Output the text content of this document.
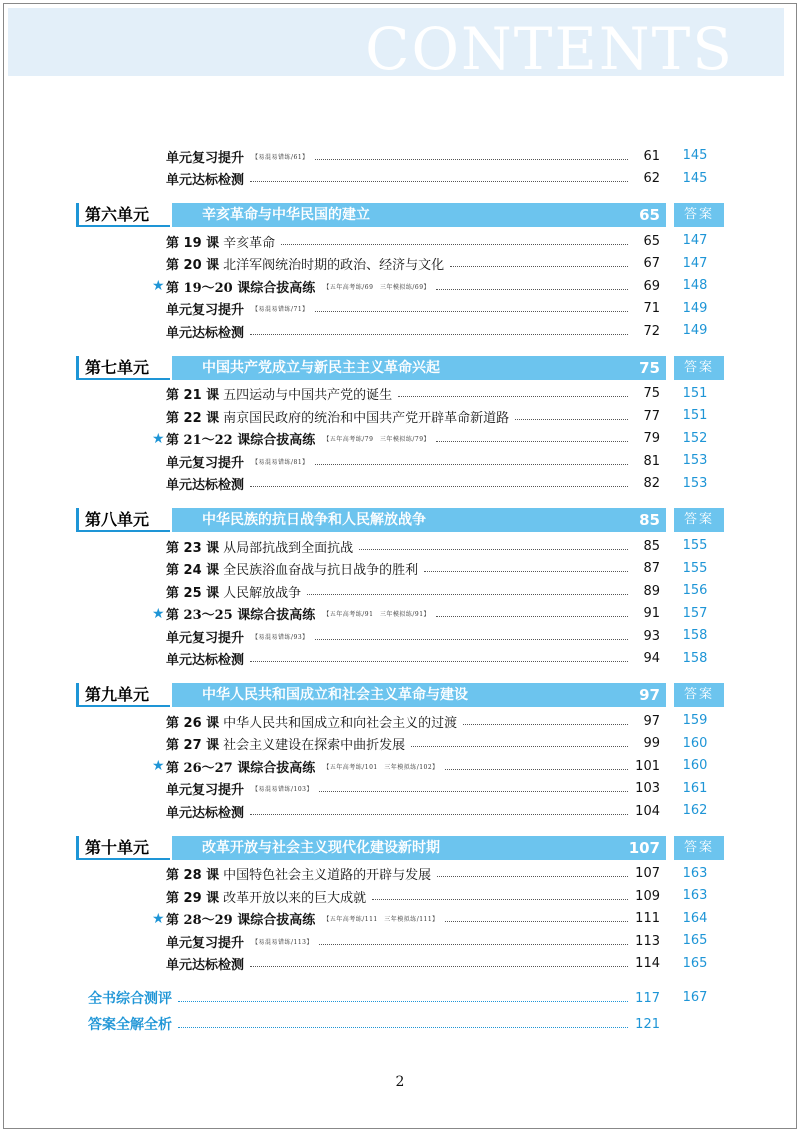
CONTENTS
单元复习提升 【易混易错练/61】	61	145
单元达标检测	62	145
第六单元	辛亥革命与中华民国的建立	65	答案
第 19 课 辛亥革命	65	147
第 20 课 北洋军阀统治时期的政治、经济与文化	67	147
★ 第 19～20 课综合拔高练 【五年高考练/69　三年模拟练/69】	69	148
单元复习提升 【易混易错练/71】	71	149
单元达标检测	72	149
第七单元	中国共产党成立与新民主主义革命兴起	75	答案
第 21 课 五四运动与中国共产党的诞生	75	151
第 22 课 南京国民政府的统治和中国共产党开辟革命新道路	77	151
★ 第 21～22 课综合拔高练 【五年高考练/79　三年模拟练/79】	79	152
单元复习提升 【易混易错练/81】	81	153
单元达标检测	82	153
第八单元	中华民族的抗日战争和人民解放战争	85	答案
第 23 课 从局部抗战到全面抗战	85	155
第 24 课 全民族浴血奋战与抗日战争的胜利	87	155
第 25 课 人民解放战争	89	156
★ 第 23～25 课综合拔高练 【五年高考练/91　三年模拟练/91】	91	157
单元复习提升 【易混易错练/93】	93	158
单元达标检测	94	158
第九单元	中华人民共和国成立和社会主义革命与建设	97	答案
第 26 课 中华人民共和国成立和向社会主义的过渡	97	159
第 27 课 社会主义建设在探索中曲折发展	99	160
★ 第 26～27 课综合拔高练 【五年高考练/101　三年模拟练/102】	101	160
单元复习提升 【易混易错练/103】	103	161
单元达标检测	104	162
第十单元	改革开放与社会主义现代化建设新时期	107	答案
第 28 课 中国特色社会主义道路的开辟与发展	107	163
第 29 课 改革开放以来的巨大成就	109	163
★ 第 28～29 课综合拔高练 【五年高考练/111　三年模拟练/111】	111	164
单元复习提升 【易混易错练/113】	113	165
单元达标检测	114	165
全书综合测评	117	167
答案全解全析	121
2
